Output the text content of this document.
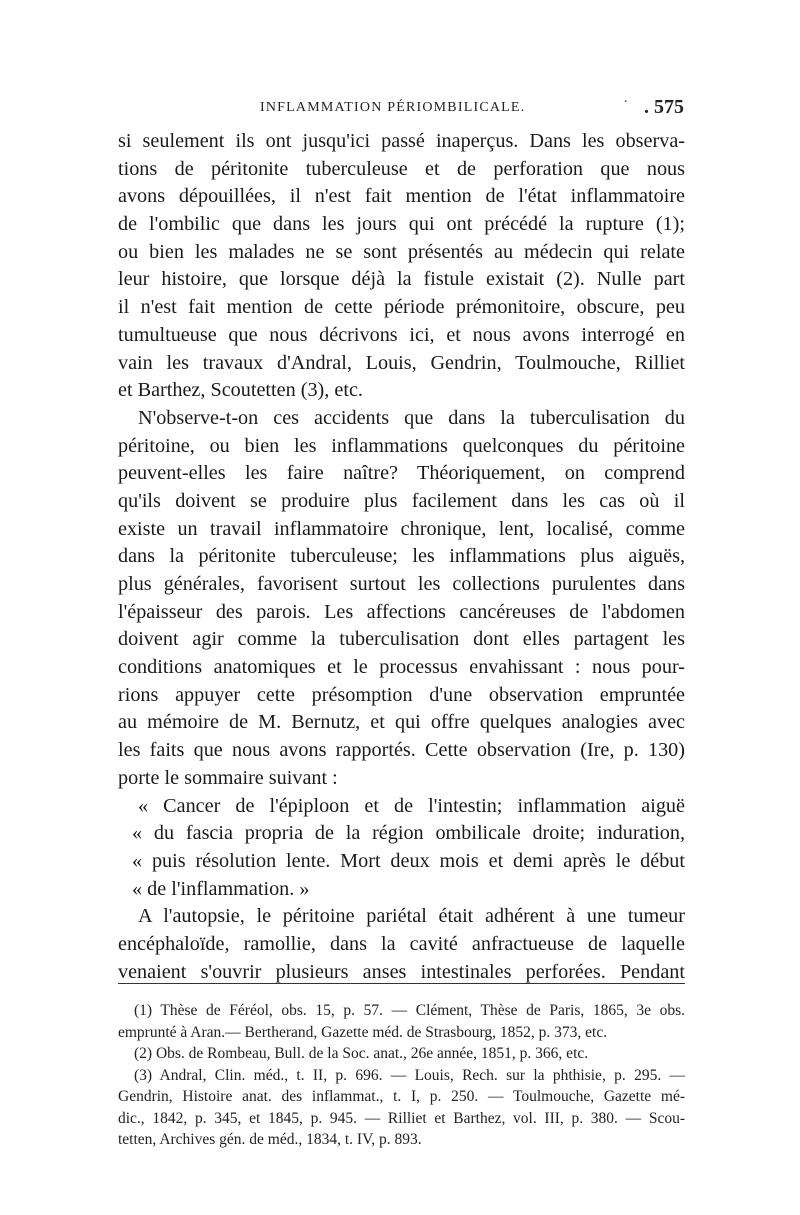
INFLAMMATION PÉRIOMBILICALE.	· . 575
si seulement ils ont jusqu'ici passé inaperçus. Dans les observa-
tions de péritonite tuberculeuse et de perforation que nous
avons dépouillées, il n'est fait mention de l'état inflammatoire
de l'ombilic que dans les jours qui ont précédé la rupture (1);
ou bien les malades ne se sont présentés au médecin qui relate
leur histoire, que lorsque déjà la fistule existait (2). Nulle part
il n'est fait mention de cette période prémonitoire, obscure, peu
tumultueuse que nous décrivons ici, et nous avons interrogé en
vain les travaux d'Andral, Louis, Gendrin, Toulmouche, Rilliet
et Barthez, Scoutetten (3), etc.
N'observe-t-on ces accidents que dans la tuberculisation du
péritoine, ou bien les inflammations quelconques du péritoine
peuvent-elles les faire naître? Théoriquement, on comprend
qu'ils doivent se produire plus facilement dans les cas où il
existe un travail inflammatoire chronique, lent, localisé, comme
dans la péritonite tuberculeuse; les inflammations plus aiguës,
plus générales, favorisent surtout les collections purulentes dans
l'épaisseur des parois. Les affections cancéreuses de l'abdomen
doivent agir comme la tuberculisation dont elles partagent les
conditions anatomiques et le processus envahissant : nous pour-
rions appuyer cette présomption d'une observation empruntée
au mémoire de M. Bernutz, et qui offre quelques analogies avec
les faits que nous avons rapportés. Cette observation (Ire, p. 130)
porte le sommaire suivant :
« Cancer de l'épiploon et de l'intestin; inflammation aiguë
« du fascia propria de la région ombilicale droite; induration,
« puis résolution lente. Mort deux mois et demi après le début
« de l'inflammation. »
A l'autopsie, le péritoine pariétal était adhérent à une tumeur
encéphaloïde, ramollie, dans la cavité anfractueuse de laquelle
venaient s'ouvrir plusieurs anses intestinales perforées. Pendant
(1) Thèse de Féréol, obs. 15, p. 57. — Clément, Thèse de Paris, 1865, 3e obs.
emprunté à Aran.— Bertherand, Gazette méd. de Strasbourg, 1852, p. 373, etc.
(2) Obs. de Rombeau, Bull. de la Soc. anat., 26e année, 1851, p. 366, etc.
(3) Andral, Clin. méd., t. II, p. 696. — Louis, Rech. sur la phthisie, p. 295. —
Gendrin, Histoire anat. des inflammat., t. I, p. 250. — Toulmouche, Gazette mé-
dic., 1842, p. 345, et 1845, p. 945. — Rilliet et Barthez, vol. III, p. 380. — Scou-
tetten, Archives gén. de méd., 1834, t. IV, p. 893.
